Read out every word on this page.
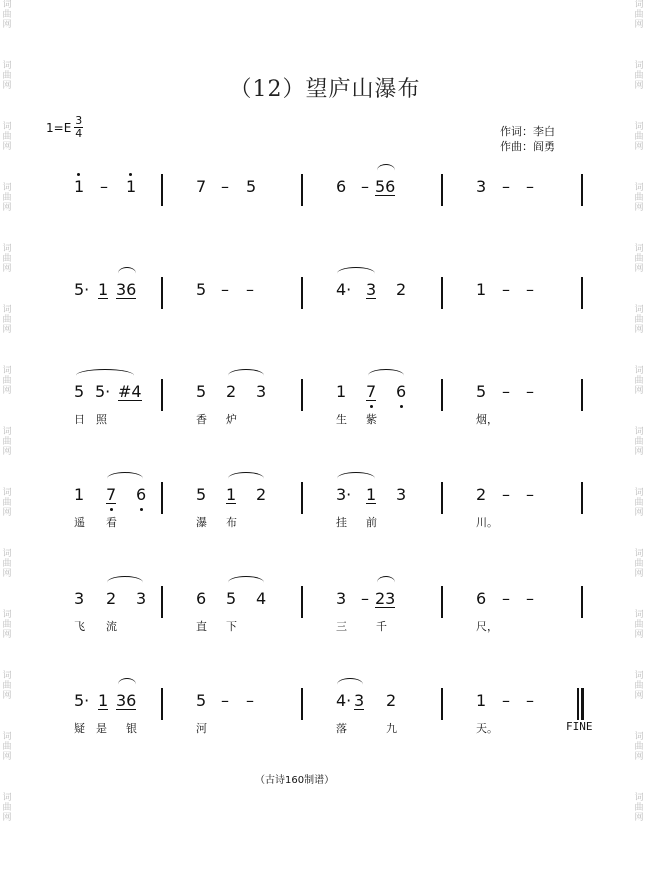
词
曲
网
词
曲
网
词
曲
网
词
曲
网
词
曲
网
词
曲
网
词
曲
网
词
曲
网
词
曲
网
词
曲
网
词
曲
网
词
曲
网
词
曲
网
词
曲
网
词
曲
网
词
曲
网
词
曲
网
词
曲
网
词
曲
网
词
曲
网
词
曲
网
词
曲
网
词
曲
网
词
曲
网
词
曲
网
词
曲
网
词
曲
网
词
曲
网
（12）望庐山瀑布
$1=E \frac{3}{4}$	作词：李白
作曲：阎勇
1 – 1	7 – 5	6 – 56	3 – –
5· 1 36	5 – –	4· 3 2	1 – –
5 5· #4	5 2 3	1 7 6	5 – –
日 照	香 炉	生 紫	烟，
1 7 6	5 1 2	3· 1 3	2 – –
遥 看	瀑 布	挂 前	川。
3 2 3	6 5 4	3 – 23	6 – –
飞 流	直 下	三	千	尺，
5· 1 36	5 – –	4· 3 2	1 – –
FINE
疑 是 银	河	落	九	天。
（古诗160制谱）
